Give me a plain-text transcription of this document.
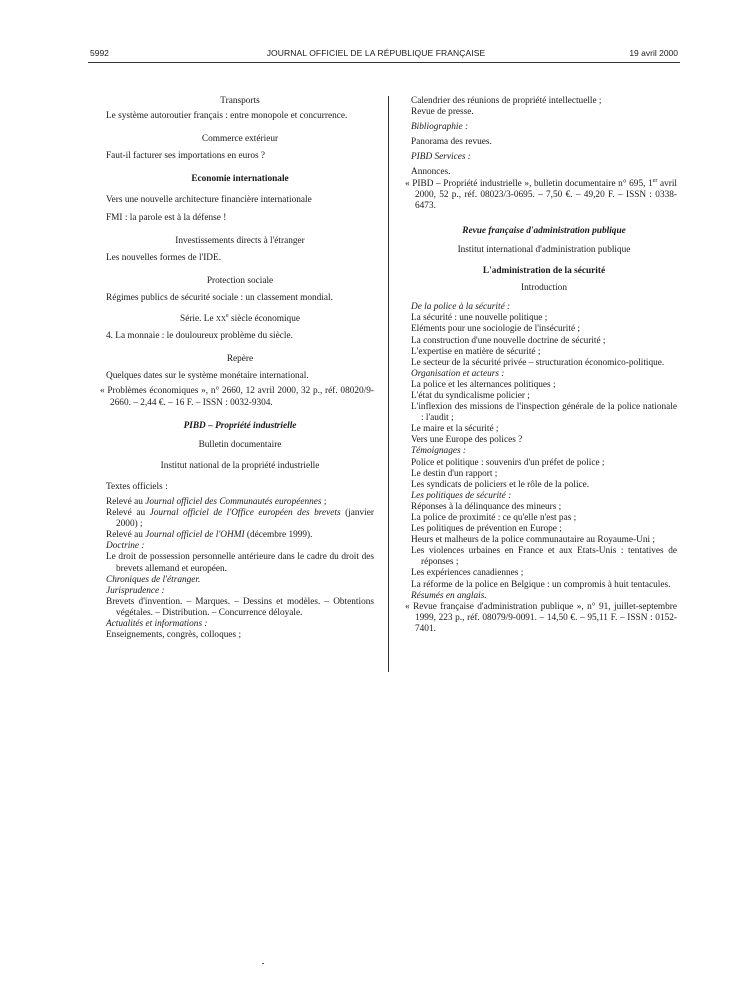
5992	JOURNAL OFFICIEL DE LA RÉPUBLIQUE FRANÇAISE	19 avril 2000

Transports

Le système autoroutier français : entre monopole et concurrence.

Commerce extérieur

Faut-il facturer ses importations en euros ?

Economie internationale

Vers une nouvelle architecture financière internationale

FMI : la parole est à la défense !

Investissements directs à l'étranger

Les nouvelles formes de l'IDE.

Protection sociale

Régimes publics de sécurité sociale : un classement mondial.

Série. Le $xx^e$ siècle économique

4. La monnaie : le douloureux problème du siècle.

Repère

Quelques dates sur le système monétaire international.

« Problèmes économiques », n° 2660, 12 avril 2000, 32 p., réf. 08020/9-2660. – 2,44 €. – 16 F. – ISSN : 0032-9304.

PIBD – Propriété industrielle

Bulletin documentaire

Institut national de la propriété industrielle

Textes officiels :

Relevé au Journal officiel des Communautés européennes ;

Relevé au Journal officiel de l'Office européen des brevets (janvier 2000) ;

Relevé au Journal officiel de l'OHMI (décembre 1999).

Doctrine :

Le droit de possession personnelle antérieure dans le cadre du droit des brevets allemand et européen.

Chroniques de l'étranger.

Jurisprudence :

Brevets d'invention. – Marques. – Dessins et modèles. – Obtentions végétales. – Distribution. – Concurrence déloyale.

Actualités et informations :

Enseignements, congrès, colloques ;

Calendrier des réunions de propriété intellectuelle ;

Revue de presse.

Bibliographie :

Panorama des revues.

PIBD Services :

Annonces.

« PIBD – Propriété industrielle », bulletin documentaire n° 695, 1er avril 2000, 52 p., réf. 08023/3-0695. – 7,50 €. – 49,20 F. – ISSN : 0338-6473.

Revue française d'administration publique

Institut international d'administration publique

L'administration de la sécurité

Introduction

De la police à la sécurité :

La sécurité : une nouvelle politique ;

Eléments pour une sociologie de l'insécurité ;

La construction d'une nouvelle doctrine de sécurité ;

L'expertise en matière de sécurité ;

Le secteur de la sécurité privée – structuration économico-politique.

Organisation et acteurs :

La police et les alternances politiques ;

L'état du syndicalisme policier ;

L'inflexion des missions de l'inspection générale de la police nationale : l'audit ;

Le maire et la sécurité ;

Vers une Europe des polices ?

Témoignages :

Police et politique : souvenirs d'un préfet de police ;

Le destin d'un rapport ;

Les syndicats de policiers et le rôle de la police.

Les politiques de sécurité :

Réponses à la délinquance des mineurs ;

La police de proximité : ce qu'elle n'est pas ;

Les politiques de prévention en Europe ;

Heurs et malheurs de la police communautaire au Royaume-Uni ;

Les violences urbaines en France et aux Etats-Unis : tentatives de réponses ;

Les expériences canadiennes ;

La réforme de la police en Belgique : un compromis à huit tentacules.

Résumés en anglais.

« Revue française d'administration publique », n° 91, juillet-septembre 1999, 223 p., réf. 08079/9-0091. – 14,50 €. – 95,11 F. – ISSN : 0152-7401.
